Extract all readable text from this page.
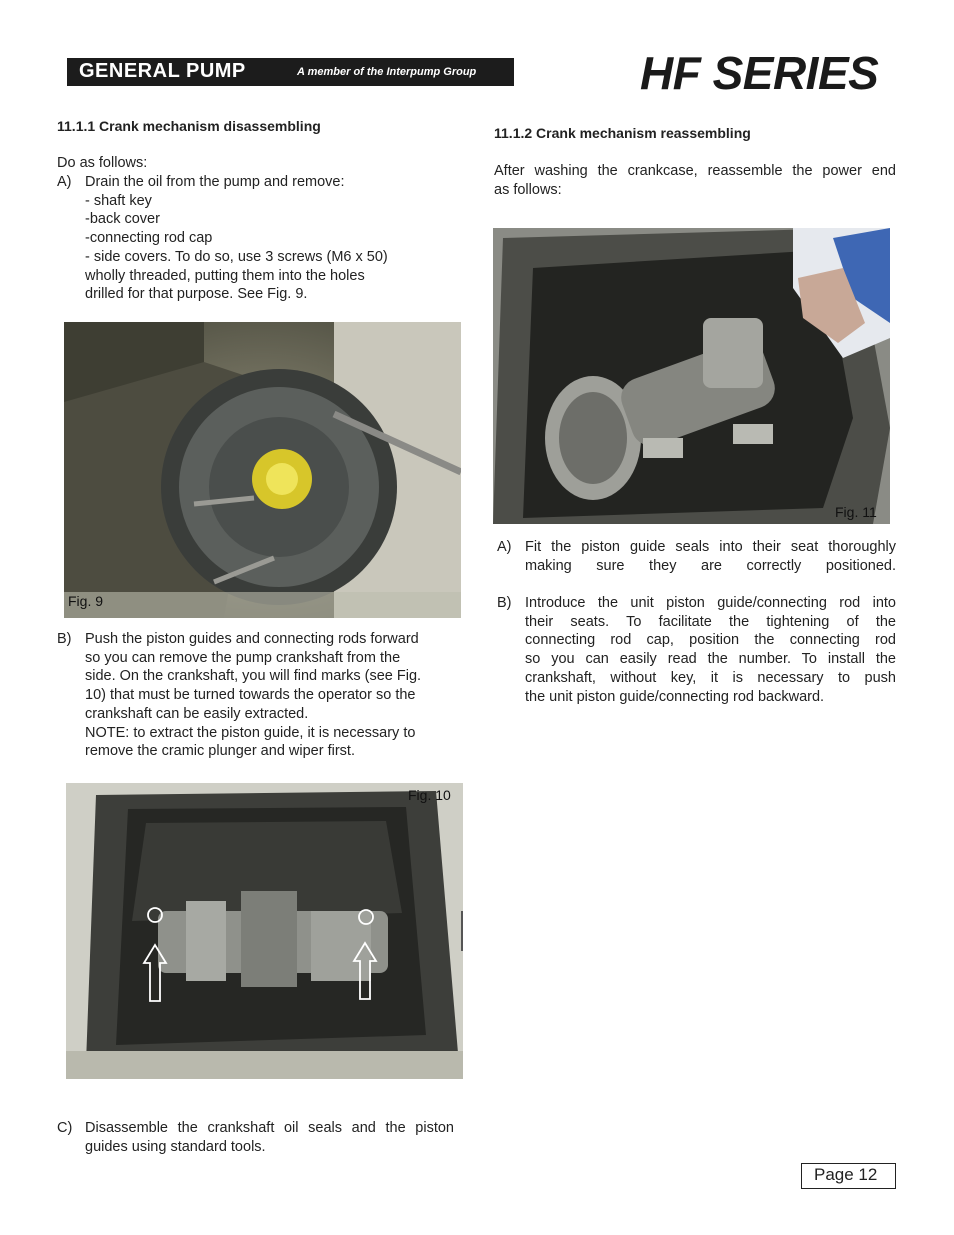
GENERAL PUMP	A member of the Interpump Group	HF SERIES
11.1.1 Crank mechanism disassembling
Do as follows:
A) Drain the oil from the pump and remove:
- shaft key
-back cover
-connecting rod cap
- side covers. To do so, use 3 screws (M6 x 50)
wholly threaded, putting them into the holes
drilled for that purpose. See Fig. 9.
Fig. 9
B) Push the piston guides and connecting rods forward
so you can remove the pump crankshaft from the
side. On the crankshaft, you will find marks (see Fig.
10) that must be turned towards the operator so the
crankshaft can be easily extracted.
NOTE: to extract the piston guide, it is necessary to
remove the cramic plunger and wiper first.
Fig. 10
C) Disassemble the crankshaft oil seals and the piston
guides using standard tools.
11.1.2 Crank mechanism reassembling
After washing the crankcase, reassemble the power end
as follows:
Fig. 11
A) Fit the piston guide seals into their seat thoroughly
making sure they are correctly positioned.
B) Introduce the unit piston guide/connecting rod into
their seats. To facilitate the tightening of the
connecting rod cap, position the connecting rod
so you can easily read the number. To install the
crankshaft, without key, it is necessary to push
the unit piston guide/connecting rod backward.
Page 12
